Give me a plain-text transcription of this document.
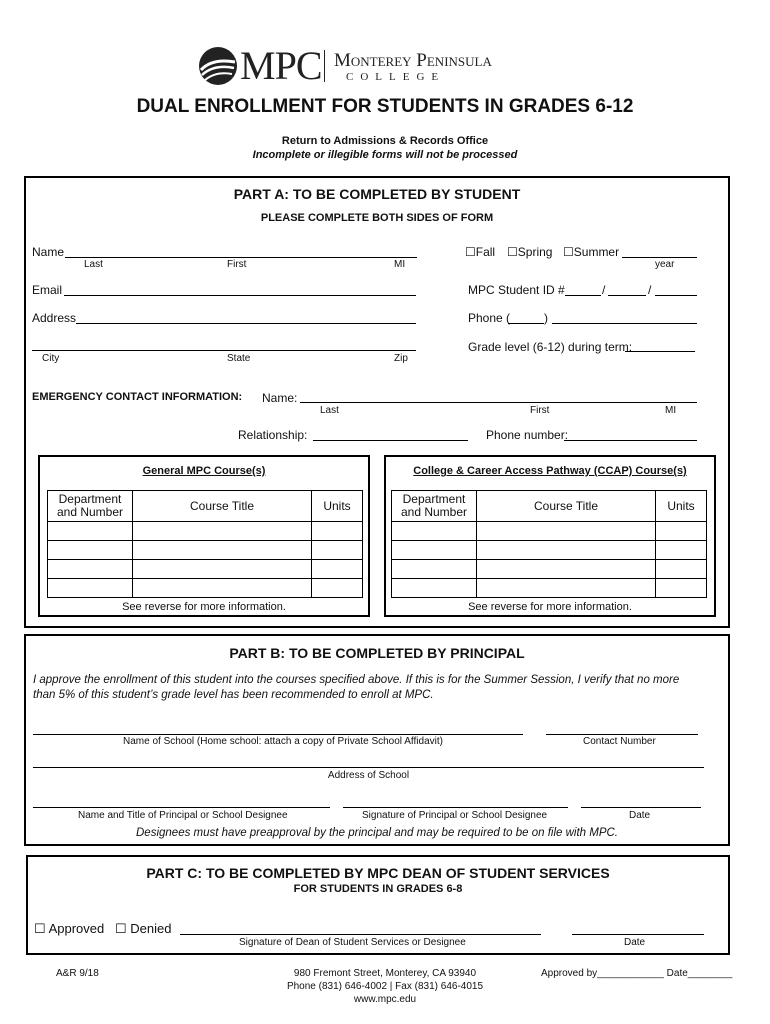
MPC Monterey Peninsula
COLLEGE
DUAL ENROLLMENT FOR STUDENTS IN GRADES 6-12
Return to Admissions & Records Office
Incomplete or illegible forms will not be processed
PART A: TO BE COMPLETED BY STUDENT
PLEASE COMPLETE BOTH SIDES OF FORM
Name
Last	First	MI
☐Fall ☐Spring ☐Summer
year
Email	MPC Student ID #	/	/
Address	Phone (	)
City	State	Zip
Grade level (6-12) during term:
EMERGENCY CONTACT INFORMATION: Name:
Last	First	MI
Relationship:	Phone number:
General MPC Course(s)
Department
and Number	Course Title	Units

See reverse for more information.
College & Career Access Pathway (CCAP) Course(s)
Department
and Number	Course Title	Units

See reverse for more information.
PART B: TO BE COMPLETED BY PRINCIPAL
I approve the enrollment of this student into the courses specified above. If this is for the Summer Session, I verify that no more
than 5% of this student’s grade level has been recommended to enroll at MPC.
Name of School (Home school: attach a copy of Private School Affidavit)	Contact Number
Address of School
Name and Title of Principal or School Designee	Signature of Principal or School Designee	Date
Designees must have preapproval by the principal and may be required to be on file with MPC.
PART C: TO BE COMPLETED BY MPC DEAN OF STUDENT SERVICES
FOR STUDENTS IN GRADES 6-8
☐ Approved ☐ Denied
Signature of Dean of Student Services or Designee	Date
A&R 9/18	980 Fremont Street, Monterey, CA 93940
Phone (831) 646-4002 | Fax (831) 646-4015
www.mpc.edu
Approved by____________ Date________
